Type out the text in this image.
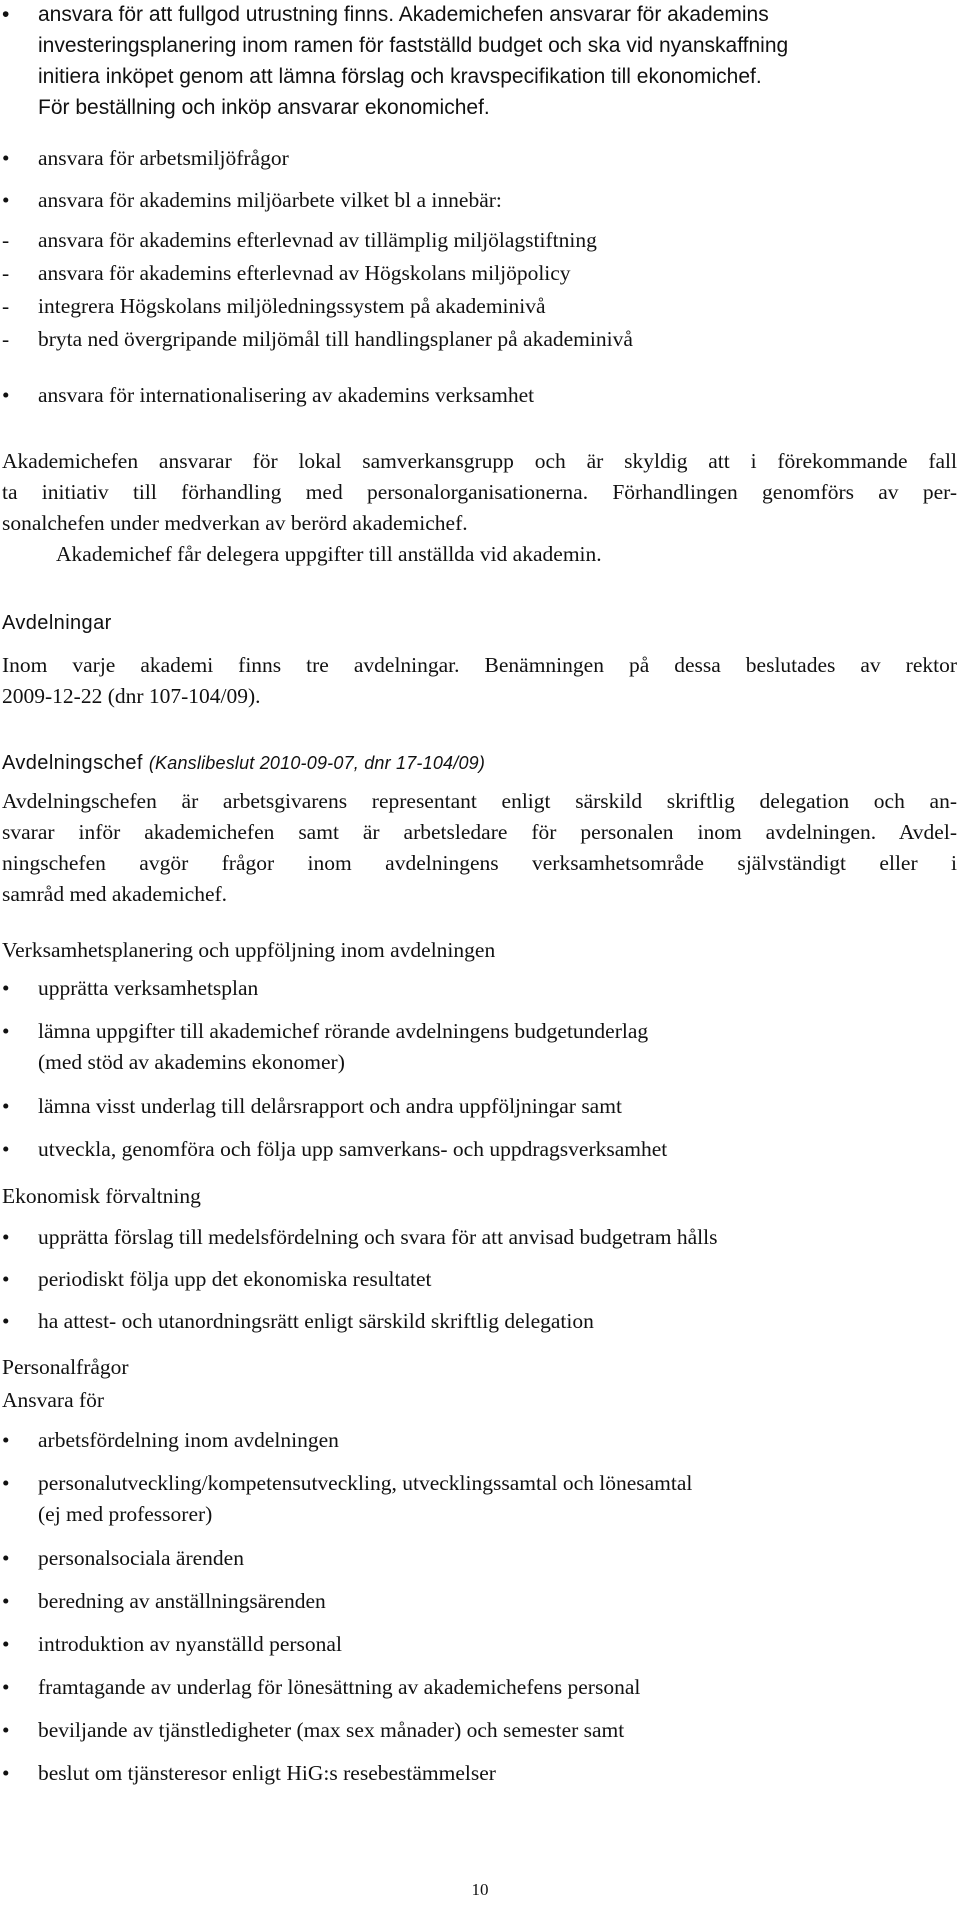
• ansvara för att fullgod utrustning finns. Akademichefen ansvarar för akademins
investeringsplanering inom ramen för fastställd budget och ska vid nyanskaffning
initiera inköpet genom att lämna förslag och kravspecifikation till ekonomichef.
För beställning och inköp ansvarar ekonomichef.
• ansvara för arbetsmiljöfrågor
• ansvara för akademins miljöarbete vilket bl a innebär:
- ansvara för akademins efterlevnad av tillämplig miljölagstiftning
- ansvara för akademins efterlevnad av Högskolans miljöpolicy
- integrera Högskolans miljöledningssystem på akademinivå
- bryta ned övergripande miljömål till handlingsplaner på akademinivå
• ansvara för internationalisering av akademins verksamhet
Akademichefen ansvarar för lokal samverkansgrupp och är skyldig att i förekommande fall
ta initiativ till förhandling med personalorganisationerna. Förhandlingen genomförs av per-
sonalchefen under medverkan av berörd akademichef.
Akademichef får delegera uppgifter till anställda vid akademin.

Avdelningar

Inom varje akademi finns tre avdelningar. Benämningen på dessa beslutades av rektor
2009-12-22 (dnr 107-104/09).

Avdelningschef (Kanslibeslut 2010-09-07, dnr 17-104/09)

Avdelningschefen är arbetsgivarens representant enligt särskild skriftlig delegation och an-
svarar inför akademichefen samt är arbetsledare för personalen inom avdelningen. Avdel-
ningschefen avgör frågor inom avdelningens verksamhetsområde självständigt eller i
samråd med akademichef.

Verksamhetsplanering och uppföljning inom avdelningen

• upprätta verksamhetsplan
• lämna uppgifter till akademichef rörande avdelningens budgetunderlag
(med stöd av akademins ekonomer)
• lämna visst underlag till delårsrapport och andra uppföljningar samt
• utveckla, genomföra och följa upp samverkans- och uppdragsverksamhet

Ekonomisk förvaltning

• upprätta förslag till medelsfördelning och svara för att anvisad budgetram hålls
• periodiskt följa upp det ekonomiska resultatet
• ha attest- och utanordningsrätt enligt särskild skriftlig delegation

Personalfrågor

Ansvara för

• arbetsfördelning inom avdelningen
• personalutveckling/kompetensutveckling, utvecklingssamtal och lönesamtal
(ej med professorer)
• personalsociala ärenden
• beredning av anställningsärenden
• introduktion av nyanställd personal
• framtagande av underlag för lönesättning av akademichefens personal
• beviljande av tjänstledigheter (max sex månader) och semester samt
• beslut om tjänsteresor enligt HiG:s resebestämmelser
10
